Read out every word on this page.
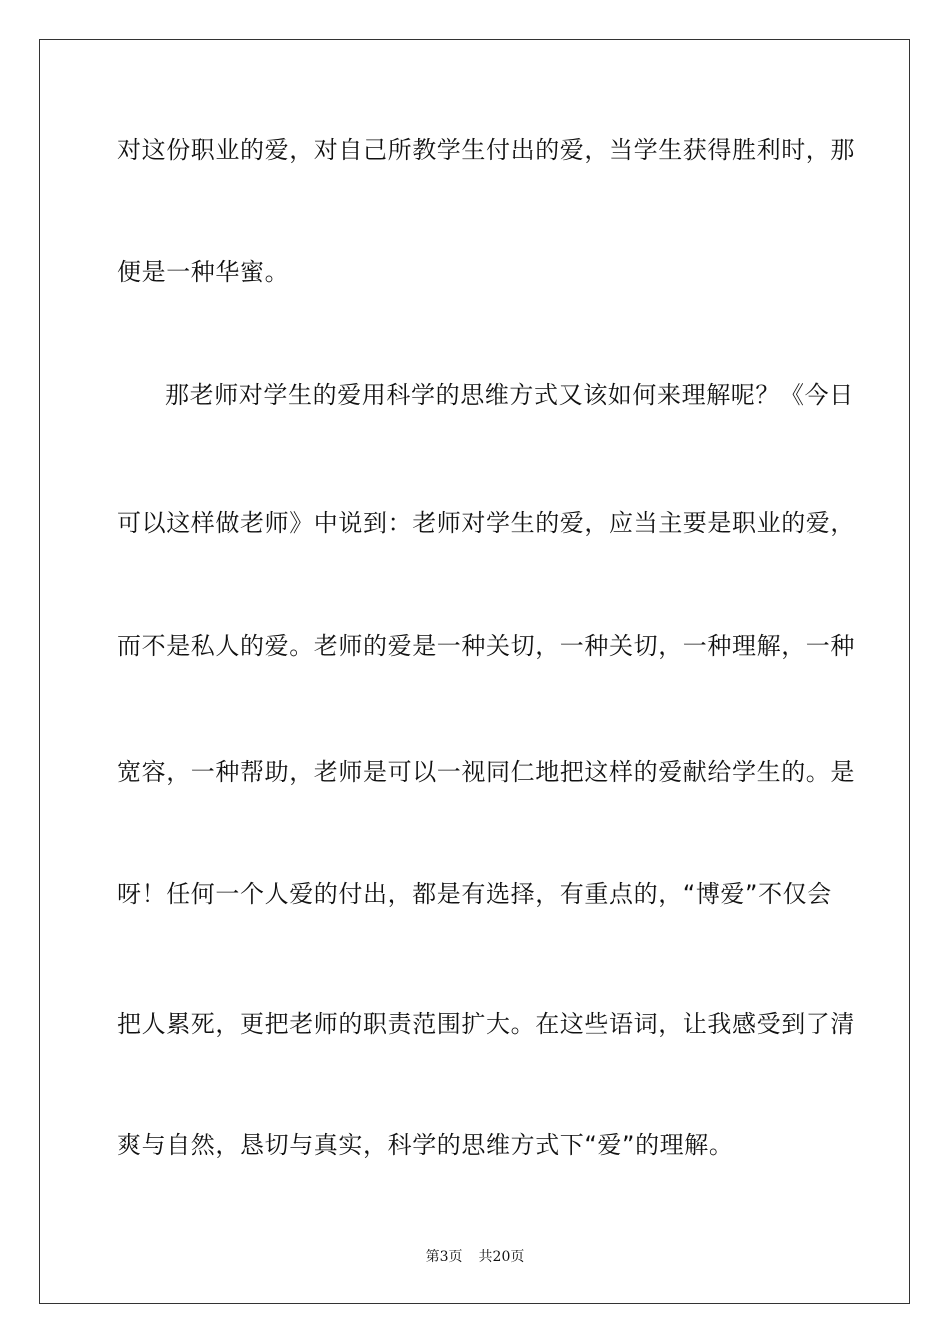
对这份职业的爱，对自己所教学生付出的爱，当学生获得胜利时，那
便是一种华蜜。
那老师对学生的爱用科学的思维方式又该如何来理解呢？《今日
可以这样做老师》中说到：老师对学生的爱，应当主要是职业的爱，
而不是私人的爱。老师的爱是一种关切，一种关切，一种理解，一种
宽容，一种帮助，老师是可以一视同仁地把这样的爱献给学生的。是
呀！任何一个人爱的付出，都是有选择，有重点的，“博爱”不仅会
把人累死，更把老师的职责范围扩大。在这些语词，让我感受到了清
爽与自然，恳切与真实，科学的思维方式下“爱”的理解。
第3页 共20页
